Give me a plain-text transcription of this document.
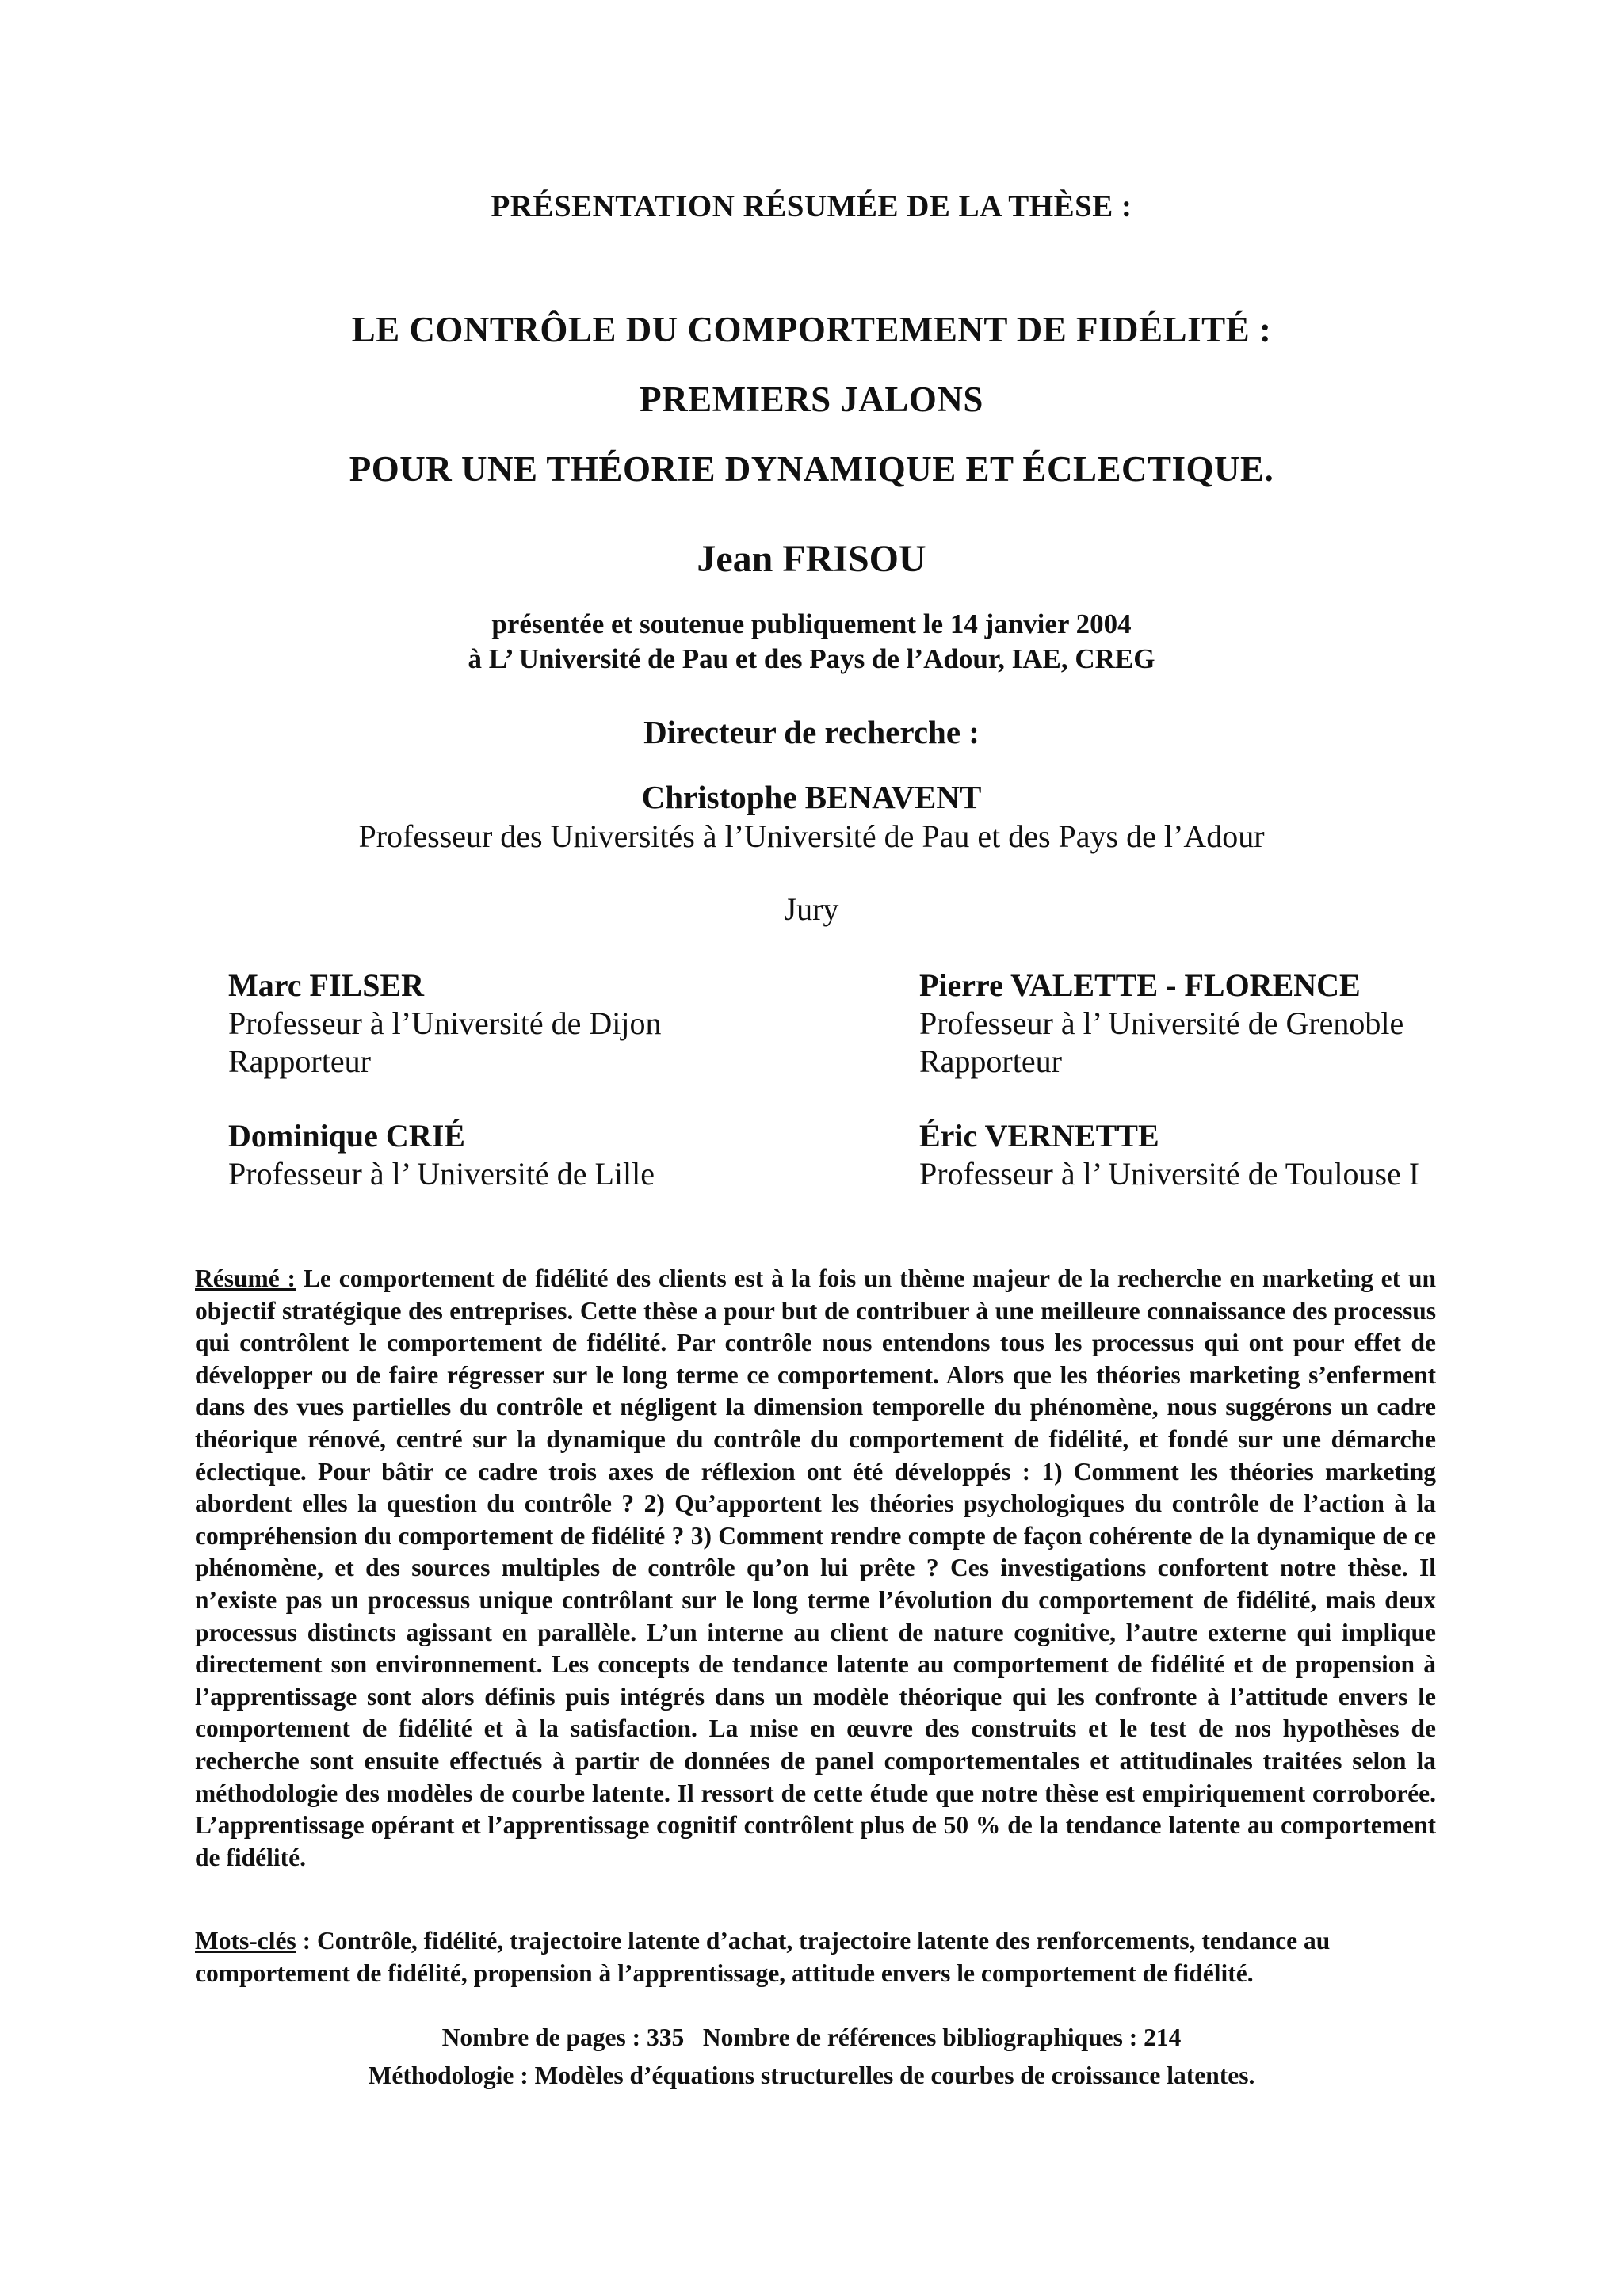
PRÉSENTATION RÉSUMÉE DE LA THÈSE :
LE CONTRÔLE DU COMPORTEMENT DE FIDÉLITÉ :
PREMIERS JALONS
POUR UNE THÉORIE DYNAMIQUE ET ÉCLECTIQUE.
Jean FRISOU
présentée et soutenue publiquement le 14 janvier 2004
à L’ Université de Pau et des Pays de l’Adour, IAE, CREG
Directeur de recherche :
Christophe BENAVENT
Professeur des Universités à l’Université de Pau et des Pays de l’Adour
Jury
Marc FILSER
Professeur à l’Université de Dijon
Rapporteur
Pierre VALETTE - FLORENCE
Professeur à l’ Université de Grenoble
Rapporteur
Dominique CRIÉ
Professeur à l’ Université de Lille
Éric VERNETTE
Professeur à l’ Université de Toulouse I
Résumé : Le comportement de fidélité des clients est à la fois un thème majeur de la recherche en marketing et un objectif stratégique des entreprises. Cette thèse a pour but de contribuer à une meilleure connaissance des processus qui contrôlent le comportement de fidélité. Par contrôle nous entendons tous les processus qui ont pour effet de développer ou de faire régresser sur le long terme ce comportement. Alors que les théories marketing s’enferment dans des vues partielles du contrôle et négligent la dimension temporelle du phénomène, nous suggérons un cadre théorique rénové, centré sur la dynamique du contrôle du comportement de fidélité, et fondé sur une démarche éclectique. Pour bâtir ce cadre trois axes de réflexion ont été développés : 1) Comment les théories marketing abordent elles la question du contrôle ? 2) Qu’apportent les théories psychologiques du contrôle de l’action à la compréhension du comportement de fidélité ? 3) Comment rendre compte de façon cohérente de la dynamique de ce phénomène, et des sources multiples de contrôle qu’on lui prête ? Ces investigations confortent notre thèse. Il n’existe pas un processus unique contrôlant sur le long terme l’évolution du comportement de fidélité, mais deux processus distincts agissant en parallèle. L’un interne au client de nature cognitive, l’autre externe qui implique directement son environnement. Les concepts de tendance latente au comportement de fidélité et de propension à l’apprentissage sont alors définis puis intégrés dans un modèle théorique qui les confronte à l’attitude envers le comportement de fidélité et à la satisfaction. La mise en œuvre des construits et le test de nos hypothèses de recherche sont ensuite effectués à partir de données de panel comportementales et attitudinales traitées selon la méthodologie des modèles de courbe latente. Il ressort de cette étude que notre thèse est empiriquement corroborée. L’apprentissage opérant et l’apprentissage cognitif contrôlent plus de 50 % de la tendance latente au comportement de fidélité.
Mots-clés : Contrôle, fidélité, trajectoire latente d’achat, trajectoire latente des renforcements, tendance au comportement de fidélité, propension à l’apprentissage, attitude envers le comportement de fidélité.
Nombre de pages : 335 Nombre de références bibliographiques : 214
Méthodologie : Modèles d’équations structurelles de courbes de croissance latentes.
